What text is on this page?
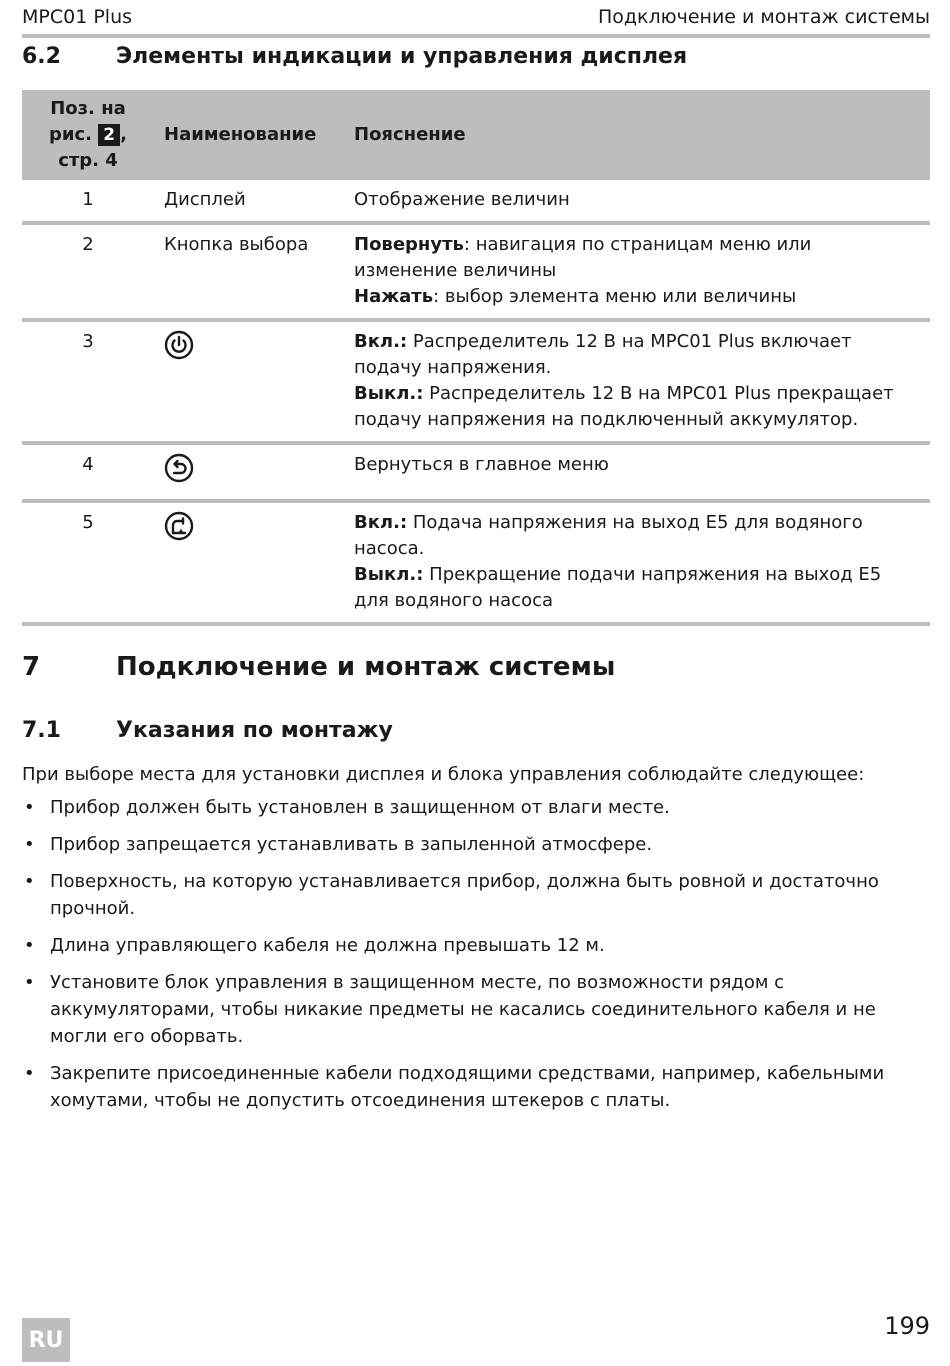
MPC01 Plus	Подключение и монтаж системы
6.2	Элементы индикации и управления дисплея
Поз. на
рис. 2 ,
стр. 4	Наименование	Пояснение
1	Дисплей	Отображение величин
2	Кнопка выбора	Повернуть: навигация по страницам меню или изменение величины
Нажать: выбор элемента меню или величины
3		Вкл.: Распределитель 12 В на MPC01 Plus включает подачу напряжения.
Выкл.: Распределитель 12 В на MPC01 Plus прекращает подачу напряжения на подключенный аккумулятор.
4		Вернуться в главное меню
5		Вкл.: Подача напряжения на выход E5 для водяного насоса.
Выкл.: Прекращение подачи напряжения на выход E5 для водяного насоса
7	Подключение и монтаж системы
7.1	Указания по монтажу
При выборе места для установки дисплея и блока управления соблюдайте следующее:
• Прибор должен быть установлен в защищенном от влаги месте.
• Прибор запрещается устанавливать в запыленной атмосфере.
• Поверхность, на которую устанавливается прибор, должна быть ровной и достаточно прочной.
• Длина управляющего кабеля не должна превышать 12 м.
• Установите блок управления в защищенном месте, по возможности рядом с аккумуляторами, чтобы никакие предметы не касались соединительного кабеля и не могли его оборвать.
• Закрепите присоединенные кабели подходящими средствами, например, кабельными хомутами, чтобы не допустить отсоединения штекеров с платы.
RU	199
